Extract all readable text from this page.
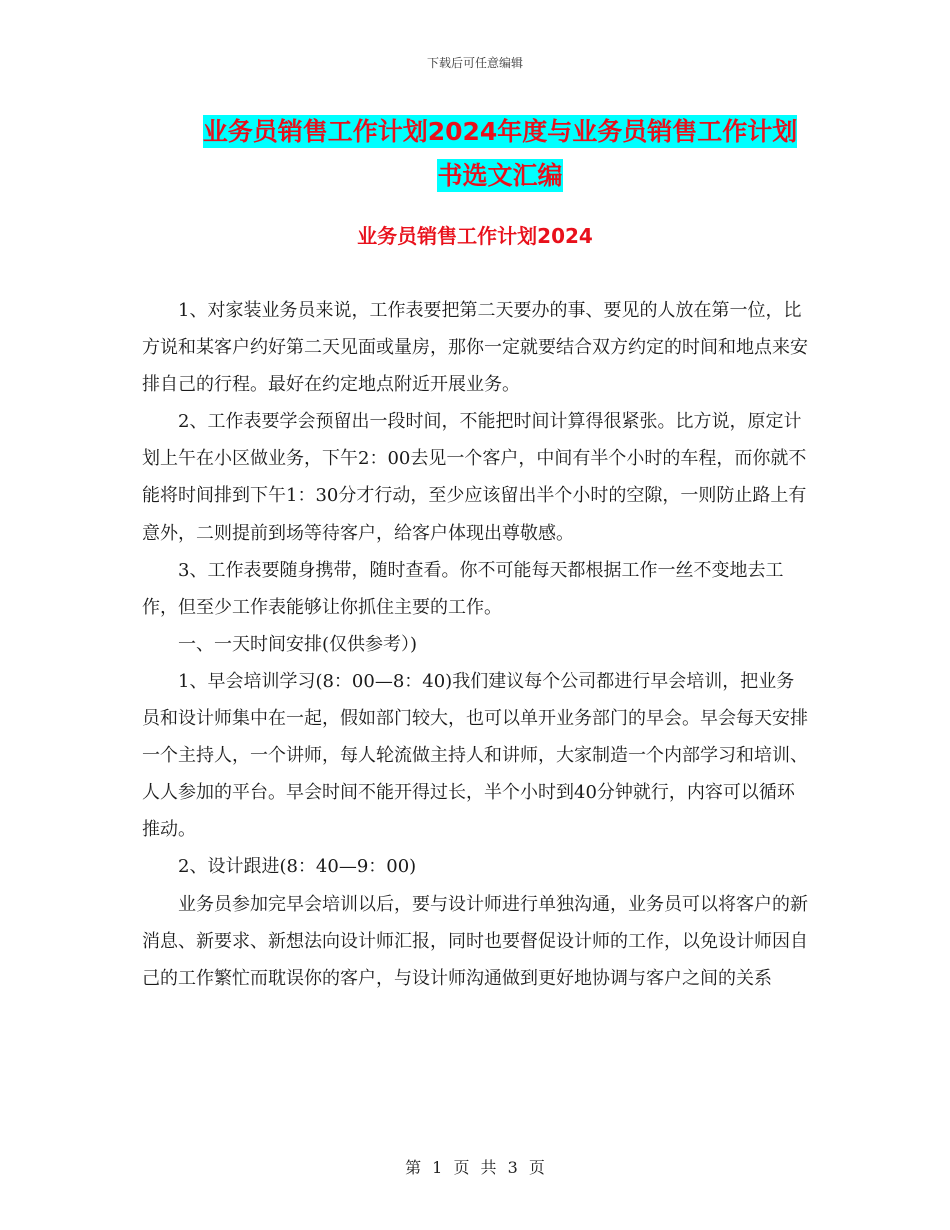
下载后可任意编辑
业务员销售工作计划2024年度与业务员销售工作计划
书选文汇编
业务员销售工作计划2024

1、对家装业务员来说，工作表要把第二天要办的事、要见的人放在第一位，比方说和某客户约好第二天见面或量房，那你一定就要结合双方约定的时间和地点来安排自己的行程。最好在约定地点附近开展业务。

2、工作表要学会预留出一段时间，不能把时间计算得很紧张。比方说，原定计划上午在小区做业务，下午2：00去见一个客户，中间有半个小时的车程，而你就不能将时间排到下午1：30分才行动，至少应该留出半个小时的空隙，一则防止路上有意外，二则提前到场等待客户，给客户体现出尊敬感。

3、工作表要随身携带，随时查看。你不可能每天都根据工作一丝不变地去工作，但至少工作表能够让你抓住主要的工作。

一、一天时间安排(仅供参考）)

1、早会培训学习(8：00—8：40)我们建议每个公司都进行早会培训，把业务员和设计师集中在一起，假如部门较大，也可以单开业务部门的早会。早会每天安排一个主持人，一个讲师，每人轮流做主持人和讲师，大家制造一个内部学习和培训、人人参加的平台。早会时间不能开得过长，半个小时到40分钟就行，内容可以循环推动。

2、设计跟进(8：40—9：00)

业务员参加完早会培训以后，要与设计师进行单独沟通，业务员可以将客户的新消息、新要求、新想法向设计师汇报，同时也要督促设计师的工作，以免设计师因自己的工作繁忙而耽误你的客户，与设计师沟通做到更好地协调与客户之间的关系

第 1 页 共 3 页
